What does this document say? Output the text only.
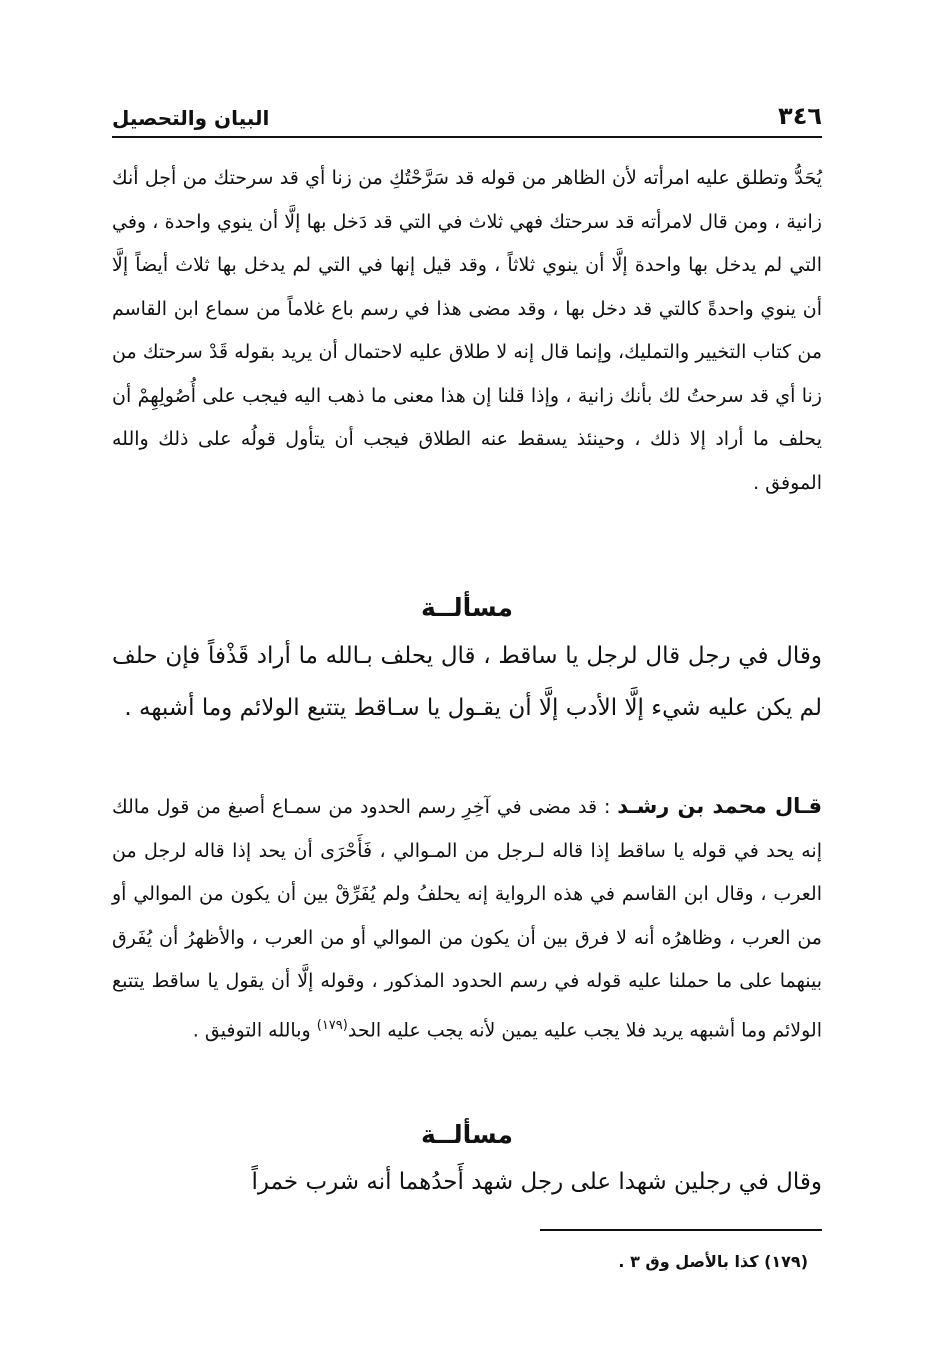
٣٤٦
البيان والتحصيل

يُحَدُّ وتطلق عليه امرأته لأن الظاهر من قوله قد سَرَّحْتُكِ من زنا أي قد سرحتك من أجل أنك زانية ، ومن قال لامرأته قد سرحتك فهي ثلاث في التي قد دَخل بها إلَّا أن ينوي واحدة ، وفي التي لم يدخل بها واحدة إلَّا أن ينوي ثلاثاً ، وقد قيل إنها في التي لم يدخل بها ثلاث أيضاً إلَّا أن ينوي واحدةً كالتي قد دخل بها ، وقد مضى هذا في رسم باع غلاماً من سماع ابن القاسم من كتاب التخيير والتمليك، وإنما قال إنه لا طلاق عليه لاحتمال أن يريد بقوله قَدْ سرحتك من زنا أي قد سرحتُ لك بأنك زانية ، وإذا قلنا إن هذا معنى ما ذهب اليه فيجب على أُصُولِهِمْ أن يحلف ما أراد إلا ذلك ، وحينئذ يسقط عنه الطلاق فيجب أن يتأول قولُه على ذلك والله الموفق .

مسألــة

وقال في رجل قال لرجل يا ساقط ، قال يحلف بـالله ما أراد قَذْفاً فإن حلف لم يكن عليه شيء إلَّا الأدب إلَّا أن يقـول يا سـاقط يتتبع الولائم وما أشبهه .

قـال محمد بن رشـد : قد مضى في آخِرِ رسم الحدود من سمـاع أصبغ من قول مالك إنه يحد في قوله يا ساقط إذا قاله لـرجل من المـوالي ، فَأَحْرَى أن يحد إذا قاله لرجل من العرب ، وقال ابن القاسم في هذه الرواية إنه يحلفُ ولم يُفَرِّقْ بين أن يكون من الموالي أو من العرب ، وظاهرُه أنه لا فرق بين أن يكون من الموالي أو من العرب ، والأظهرُ أن يُفَرق بينهما على ما حملنا عليه قوله في رسم الحدود المذكور ، وقوله إلَّا أن يقول يا ساقط يتتبع الولائم وما أشبهه يريد فلا يجب عليه يمين لأنه يجب عليه الحد$^{(١٧٩)}$ وبالله التوفيق .

مسألــة

وقال في رجلين شهدا على رجل شهد أَحدُهما أنه شرب خمراً

(١٧٩) كذا بالأصل وق ٣ .
